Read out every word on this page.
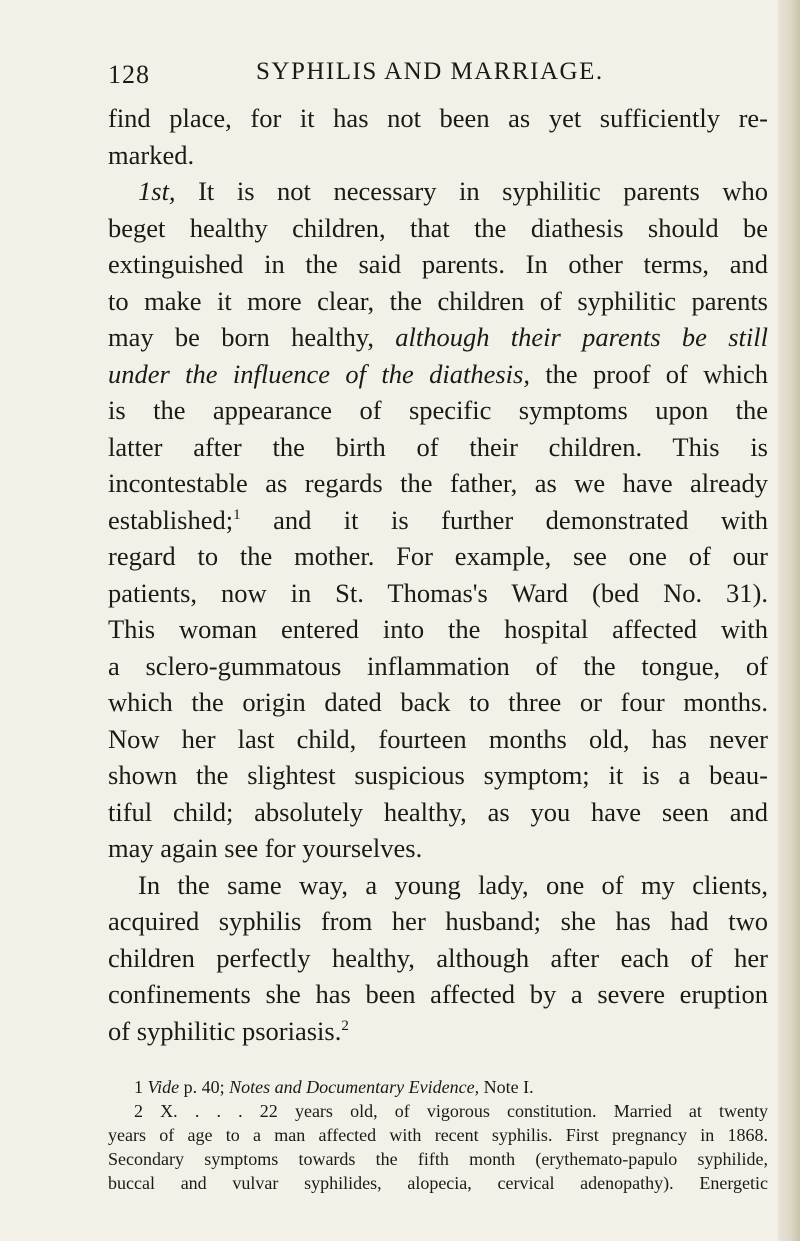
128	SYPHILIS AND MARRIAGE.
find place, for it has not been as yet sufficiently re-
marked.
1st, It is not necessary in syphilitic parents who
beget healthy children, that the diathesis should be
extinguished in the said parents. In other terms, and
to make it more clear, the children of syphilitic parents
may be born healthy, although their parents be still
under the influence of the diathesis, the proof of which
is the appearance of specific symptoms upon the
latter after the birth of their children. This is
incontestable as regards the father, as we have already
established;$^1$ and it is further demonstrated with
regard to the mother. For example, see one of our
patients, now in St. Thomas's Ward (bed No. 31).
This woman entered into the hospital affected with
a sclero-gummatous inflammation of the tongue, of
which the origin dated back to three or four months.
Now her last child, fourteen months old, has never
shown the slightest suspicious symptom; it is a beau-
tiful child; absolutely healthy, as you have seen and
may again see for yourselves.
In the same way, a young lady, one of my clients,
acquired syphilis from her husband; she has had two
children perfectly healthy, although after each of her
confinements she has been affected by a severe eruption
of syphilitic psoriasis.$^2$
1 Vide p. 40; Notes and Documentary Evidence, Note I.
2 X. . . . 22 years old, of vigorous constitution. Married at twenty
years of age to a man affected with recent syphilis. First pregnancy in 1868.
Secondary symptoms towards the fifth month (erythemato-papulo syphilide,
buccal and vulvar syphilides, alopecia, cervical adenopathy). Energetic
